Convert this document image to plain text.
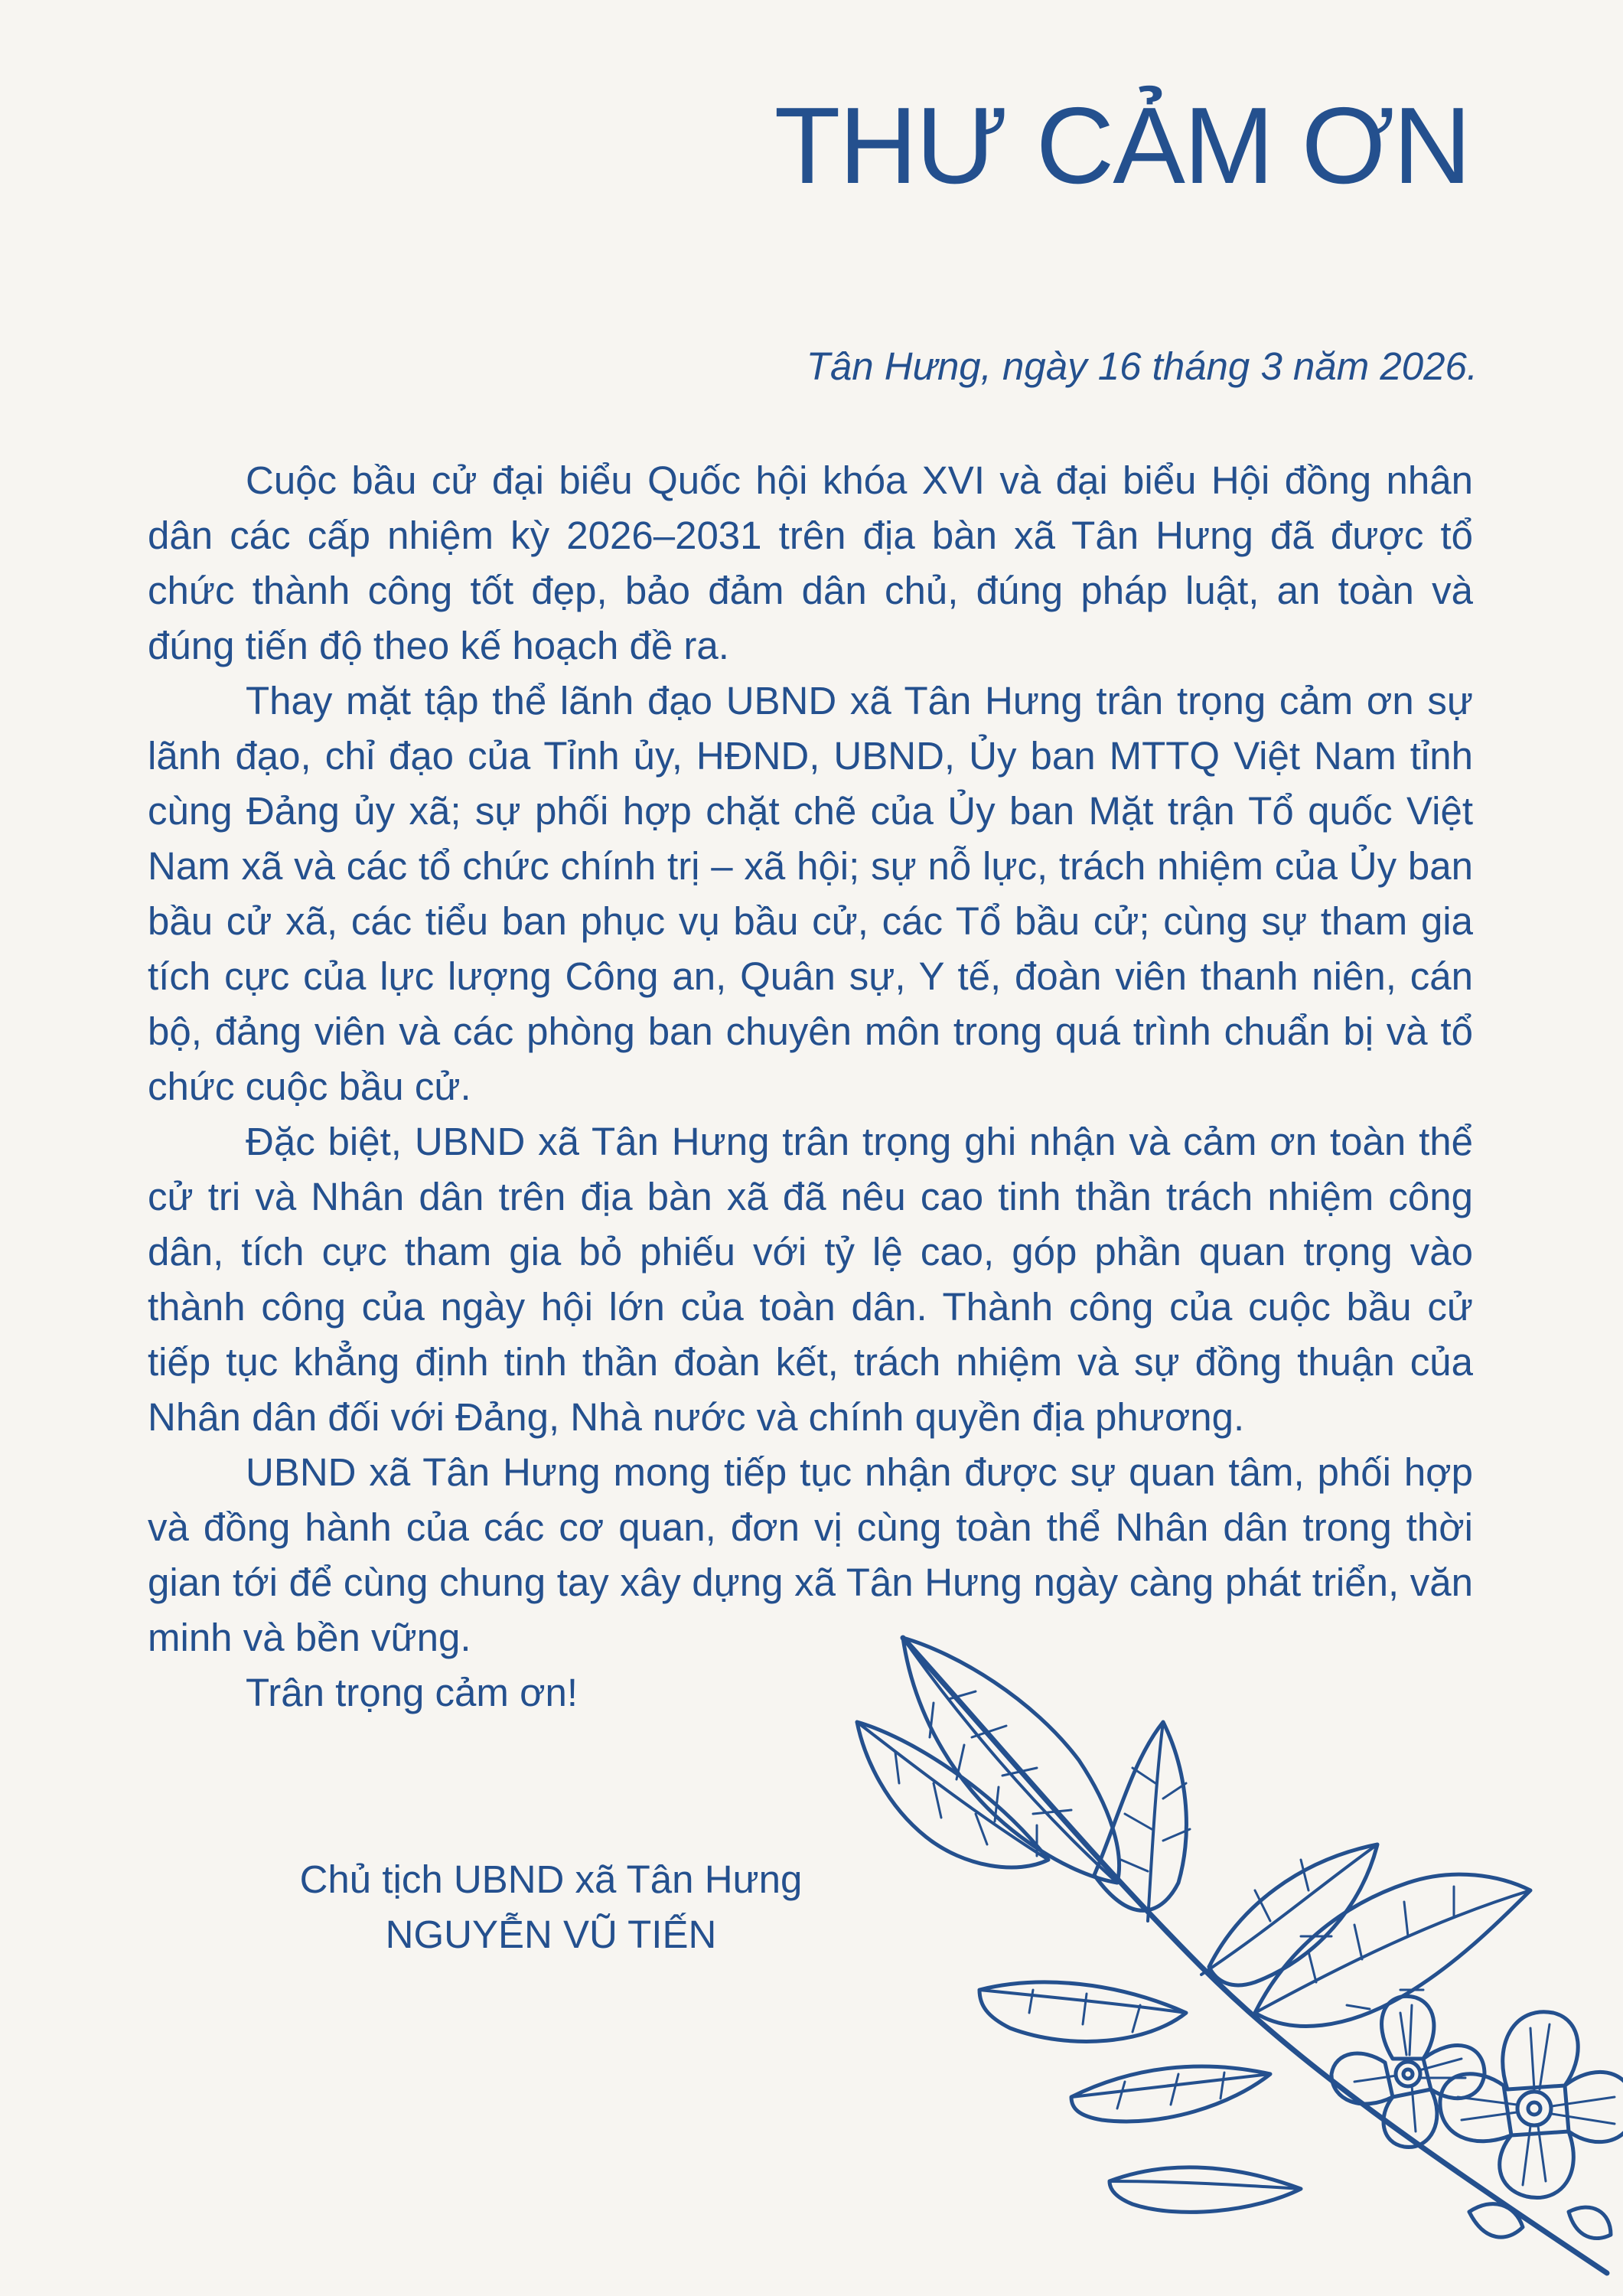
THƯ CẢM ƠN
Tân Hưng, ngày 16 tháng 3 năm 2026.

Cuộc bầu cử đại biểu Quốc hội khóa XVI và đại biểu Hội đồng nhân dân các cấp nhiệm kỳ 2026–2031 trên địa bàn xã Tân Hưng đã được tổ chức thành công tốt đẹp, bảo đảm dân chủ, đúng pháp luật, an toàn và đúng tiến độ theo kế hoạch đề ra.

Thay mặt tập thể lãnh đạo UBND xã Tân Hưng trân trọng cảm ơn sự lãnh đạo, chỉ đạo của Tỉnh ủy, HĐND, UBND, Ủy ban MTTQ Việt Nam tỉnh cùng Đảng ủy xã; sự phối hợp chặt chẽ của Ủy ban Mặt trận Tổ quốc Việt Nam xã và các tổ chức chính trị – xã hội; sự nỗ lực, trách nhiệm của Ủy ban bầu cử xã, các tiểu ban phục vụ bầu cử, các Tổ bầu cử; cùng sự tham gia tích cực của lực lượng Công an, Quân sự, Y tế, đoàn viên thanh niên, cán bộ, đảng viên và các phòng ban chuyên môn trong quá trình chuẩn bị và tổ chức cuộc bầu cử.

Đặc biệt, UBND xã Tân Hưng trân trọng ghi nhận và cảm ơn toàn thể cử tri và Nhân dân trên địa bàn xã đã nêu cao tinh thần trách nhiệm công dân, tích cực tham gia bỏ phiếu với tỷ lệ cao, góp phần quan trọng vào thành công của ngày hội lớn của toàn dân. Thành công của cuộc bầu cử tiếp tục khẳng định tinh thần đoàn kết, trách nhiệm và sự đồng thuận của Nhân dân đối với Đảng, Nhà nước và chính quyền địa phương.

UBND xã Tân Hưng mong tiếp tục nhận được sự quan tâm, phối hợp và đồng hành của các cơ quan, đơn vị cùng toàn thể Nhân dân trong thời gian tới để cùng chung tay xây dựng xã Tân Hưng ngày càng phát triển, văn minh và bền vững.

Trân trọng cảm ơn!

Chủ tịch UBND xã Tân Hưng
NGUYỄN VŨ TIẾN
